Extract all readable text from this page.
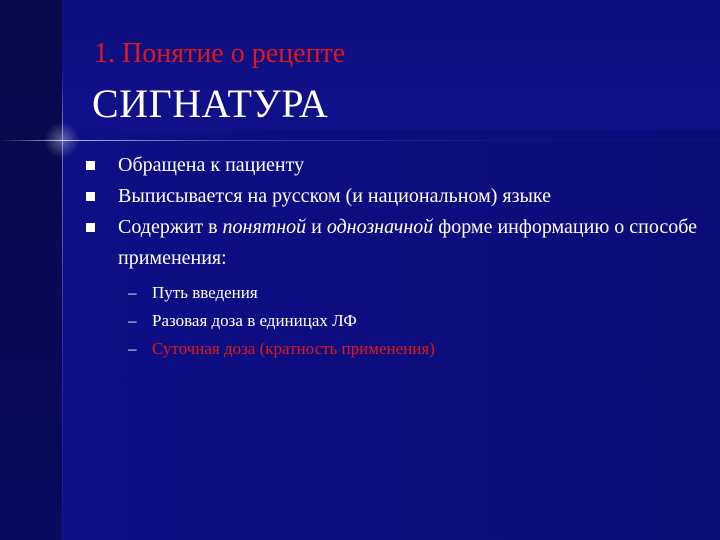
1. Понятие о рецепте
СИГНАТУРА
Обращена к пациенту
Выписывается на русском (и национальном) языке
Содержит в понятной и однозначной форме информацию о способе применения:
– Путь введения
– Разовая доза в единицах ЛФ
– Суточная доза (кратность применения)
